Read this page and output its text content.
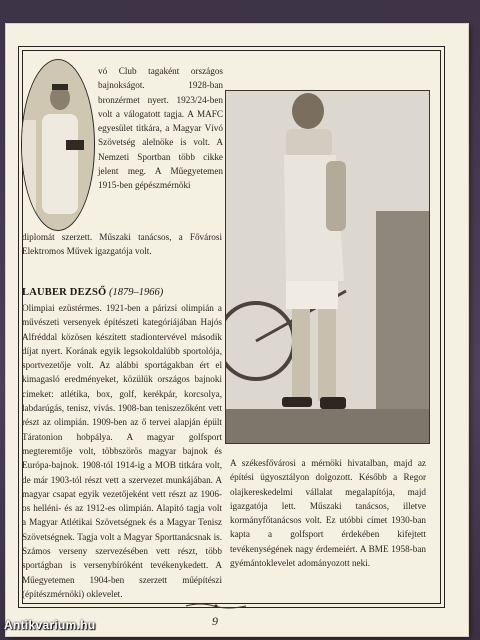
vó Club tagaként országos bajnokságot. 1928-ban bronzérmet nyert. 1923/24-ben volt a válogatott tagja. A MAFC egyesület titkára, a Magyar Vívó Szövetség alelnöke is volt. A Nemzeti Sportban több cikke jelent meg. A Műegyetemen 1915-ben gépészmérnöki
diplomát szerzett. Műszaki tanácsos, a Fővárosi Elektromos Művek igazgatója volt.
LAUBER DEZSŐ (1879–1966)
Olimpiai ezüstérmes. 1921-ben a párizsi olimpián a művészeti versenyek építészeti kategóriájában Hajós Alfréddal közösen készített stadiontervével második díjat nyert. Korának egyik legsokoldalúbb sportolója, sportvezetője volt. Az alábbi sportágakban ért el kimagasló eredményeket, közülük országos bajnoki címeket: atlétika, box, golf, kerékpár, korcsolya, labdarúgás, tenisz, vívás. 1908-ban teniszezőként vett részt az olimpián. 1909-ben az ő tervei alapján épült Táratonion hobpálya. A magyar golfsport megteremtője volt, többszörös magyar bajnok és Európa-bajnok. 1908-tól 1914-ig a MOB titkára volt, de már 1903-tól részt vett a szervezet munkájában. A magyar csapat egyik vezetőjeként vett részt az 1906-os helléni- és az 1912-es olimpián. Alapító tagja volt a Magyar Atlétikai Szövetségnek és a Magyar Tenisz Szövetségnek. Tagja volt a Magyar Sporttanácsnak is. Számos verseny szervezésében vett részt, több sportágban is versenybíróként tevékenykedett. A Műegyetemen 1904-ben szerzett műépítészi (építészmérnöki) oklevelet.
A székesfővárosi a mérnöki hivatalban, majd az építési ügyosztályon dolgozott. Később a Regor olajkereskedelmi vállalat megalapítója, majd igazgatója lett. Műszaki tanácsos, illetve kormányfőtanácsos volt. Ez utóbbi címet 1930-ban kapta a golfsport érdekében kifejtett tevékenységének nagy érdemeiért. A BME 1958-ban gyémántoklevelet adományozott neki.
9
Antikvarium.hu
